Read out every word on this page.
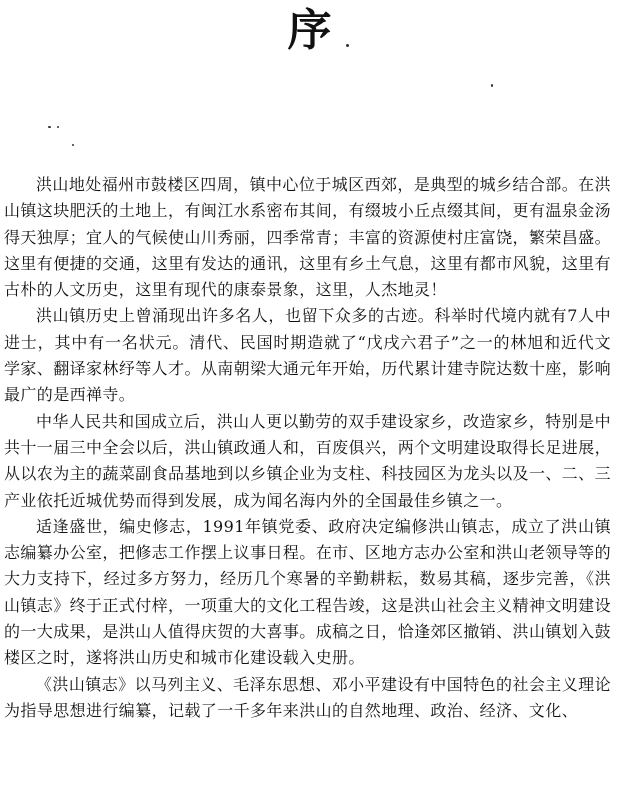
序

洪山地处福州市鼓楼区四周，镇中心位于城区西郊，是典型的城乡结合部。在洪山镇这块肥沃的土地上，有闽江水系密布其间，有缀坡小丘点缀其间，更有温泉金汤得天独厚；宜人的气候使山川秀丽，四季常青；丰富的资源使村庄富饶，繁荣昌盛。这里有便捷的交通，这里有发达的通讯，这里有乡土气息，这里有都市风貌，这里有古朴的人文历史，这里有现代的康泰景象，这里，人杰地灵！

洪山镇历史上曾涌现出许多名人，也留下众多的古迹。科举时代境内就有7人中进士，其中有一名状元。清代、民国时期造就了“戊戌六君子”之一的林旭和近代文学家、翻译家林纾等人才。从南朝梁大通元年开始，历代累计建寺院达数十座，影响最广的是西禅寺。

中华人民共和国成立后，洪山人更以勤劳的双手建设家乡，改造家乡，特别是中共十一届三中全会以后，洪山镇政通人和，百废俱兴，两个文明建设取得长足进展，从以农为主的蔬菜副食品基地到以乡镇企业为支柱、科技园区为龙头以及一、二、三产业依托近城优势而得到发展，成为闻名海内外的全国最佳乡镇之一。

适逢盛世，编史修志，1991年镇党委、政府决定编修洪山镇志，成立了洪山镇志编纂办公室，把修志工作摆上议事日程。在市、区地方志办公室和洪山老领导等的大力支持下，经过多方努力，经历几个寒暑的辛勤耕耘，数易其稿，逐步完善，《洪山镇志》终于正式付梓，一项重大的文化工程告竣，这是洪山社会主义精神文明建设的一大成果，是洪山人值得庆贺的大喜事。成稿之日，恰逢郊区撤销、洪山镇划入鼓楼区之时，遂将洪山历史和城市化建设载入史册。

《洪山镇志》以马列主义、毛泽东思想、邓小平建设有中国特色的社会主义理论为指导思想进行编纂，记载了一千多年来洪山的自然地理、政治、经济、文化、
